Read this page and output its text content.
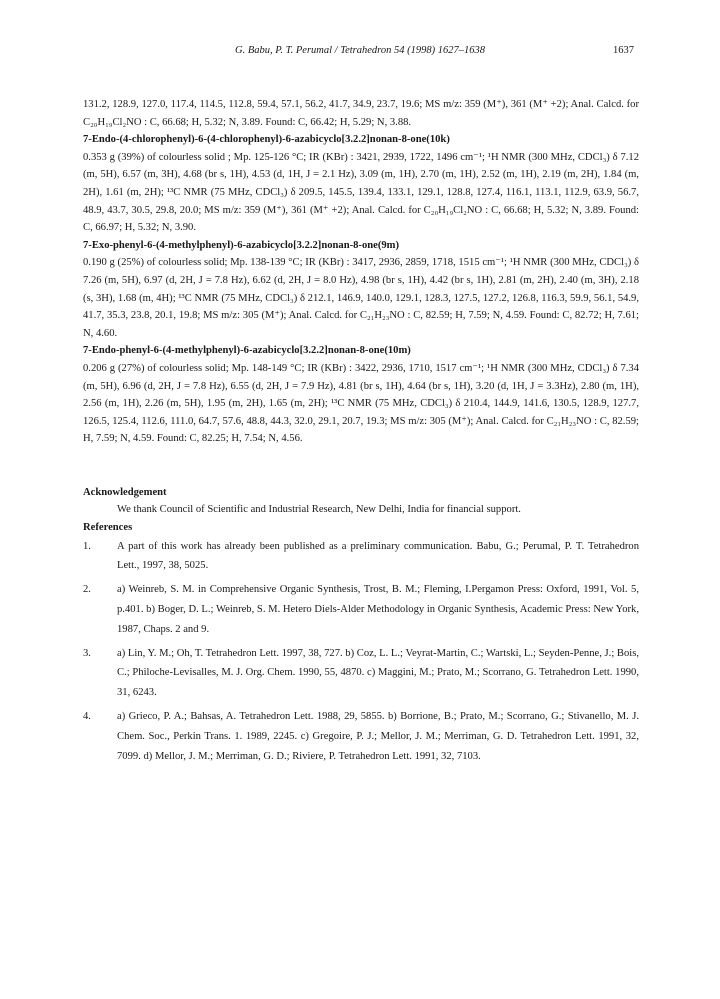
G. Babu, P. T. Perumal / Tetrahedron 54 (1998) 1627–1638	1637

131.2, 128.9, 127.0, 117.4, 114.5, 112.8, 59.4, 57.1, 56.2, 41.7, 34.9, 23.7, 19.6; MS m/z: 359 (M⁺), 361 (M⁺ +2); Anal. Calcd. for C₂₀H₁₉Cl₂NO : C, 66.68; H, 5.32; N, 3.89. Found: C, 66.42; H, 5.29; N, 3.88.

7-Endo-(4-chlorophenyl)-6-(4-chlorophenyl)-6-azabicyclo[3.2.2]nonan-8-one(10k)

0.353 g (39%) of colourless solid ; Mp. 125-126 °C; IR (KBr) : 3421, 2939, 1722, 1496 cm⁻¹; ¹H NMR (300 MHz, CDCl₃) δ 7.12 (m, 5H), 6.57 (m, 3H), 4.68 (br s, 1H), 4.53 (d, 1H, J = 2.1 Hz), 3.09 (m, 1H), 2.70 (m, 1H), 2.52 (m, 1H), 2.19 (m, 2H), 1.84 (m, 2H), 1.61 (m, 2H); ¹³C NMR (75 MHz, CDCl₃) δ 209.5, 145.5, 139.4, 133.1, 129.1, 128.8, 127.4, 116.1, 113.1, 112.9, 63.9, 56.7, 48.9, 43.7, 30.5, 29.8, 20.0; MS m/z: 359 (M⁺), 361 (M⁺ +2); Anal. Calcd. for C₂₀H₁₉Cl₂NO : C, 66.68; H, 5.32; N, 3.89. Found: C, 66.97; H, 5.32; N, 3.90.

7-Exo-phenyl-6-(4-methylphenyl)-6-azabicyclo[3.2.2]nonan-8-one(9m)

0.190 g (25%) of colourless solid; Mp. 138-139 °C; IR (KBr) : 3417, 2936, 2859, 1718, 1515 cm⁻¹; ¹H NMR (300 MHz, CDCl₃) δ 7.26 (m, 5H), 6.97 (d, 2H, J = 7.8 Hz), 6.62 (d, 2H, J = 8.0 Hz), 4.98 (br s, 1H), 4.42 (br s, 1H), 2.81 (m, 2H), 2.40 (m, 3H), 2.18 (s, 3H), 1.68 (m, 4H); ¹³C NMR (75 MHz, CDCl₃) δ 212.1, 146.9, 140.0, 129.1, 128.3, 127.5, 127.2, 126.8, 116.3, 59.9, 56.1, 54.9, 41.7, 35.3, 23.8, 20.1, 19.8; MS m/z: 305 (M⁺); Anal. Calcd. for C₂₁H₂₃NO : C, 82.59; H, 7.59; N, 4.59. Found: C, 82.72; H, 7.61; N, 4.60.

7-Endo-phenyl-6-(4-methylphenyl)-6-azabicyclo[3.2.2]nonan-8-one(10m)

0.206 g (27%) of colourless solid; Mp. 148-149 °C; IR (KBr) : 3422, 2936, 1710, 1517 cm⁻¹; ¹H NMR (300 MHz, CDCl₃) δ 7.34 (m, 5H), 6.96 (d, 2H, J = 7.8 Hz), 6.55 (d, 2H, J = 7.9 Hz), 4.81 (br s, 1H), 4.64 (br s, 1H), 3.20 (d, 1H, J = 3.3Hz), 2.80 (m, 1H), 2.56 (m, 1H), 2.26 (m, 5H), 1.95 (m, 2H), 1.65 (m, 2H); ¹³C NMR (75 MHz, CDCl₃) δ 210.4, 144.9, 141.6, 130.5, 128.9, 127.7, 126.5, 125.4, 112.6, 111.0, 64.7, 57.6, 48.8, 44.3, 32.0, 29.1, 20.7, 19.3; MS m/z: 305 (M⁺); Anal. Calcd. for C₂₁H₂₃NO : C, 82.59; H, 7.59; N, 4.59. Found: C, 82.25; H, 7.54; N, 4.56.

Acknowledgement

We thank Council of Scientific and Industrial Research, New Delhi, India for financial support.

References

1. A part of this work has already been published as a preliminary communication. Babu, G.; Perumal, P. T. Tetrahedron Lett., 1997, 38, 5025.
2. a) Weinreb, S. M. in Comprehensive Organic Synthesis, Trost, B. M.; Fleming, I.Pergamon Press: Oxford, 1991, Vol. 5, p.401. b) Boger, D. L.; Weinreb, S. M. Hetero Diels-Alder Methodology in Organic Synthesis, Academic Press: New York, 1987, Chaps. 2 and 9.
3. a) Lin, Y. M.; Oh, T. Tetrahedron Lett. 1997, 38, 727. b) Coz, L. L.; Veyrat-Martin, C.; Wartski, L.; Seyden-Penne, J.; Bois, C.; Philoche-Levisalles, M. J. Org. Chem. 1990, 55, 4870. c) Maggini, M.; Prato, M.; Scorrano, G. Tetrahedron Lett. 1990, 31, 6243.
4. a) Grieco, P. A.; Bahsas, A. Tetrahedron Lett. 1988, 29, 5855. b) Borrione, B.; Prato, M.; Scorrano, G.; Stivanello, M. J. Chem. Soc., Perkin Trans. 1. 1989, 2245. c) Gregoire, P. J.; Mellor, J. M.; Merriman, G. D. Tetrahedron Lett. 1991, 32, 7099. d) Mellor, J. M.; Merriman, G. D.; Riviere, P. Tetrahedron Lett. 1991, 32, 7103.
